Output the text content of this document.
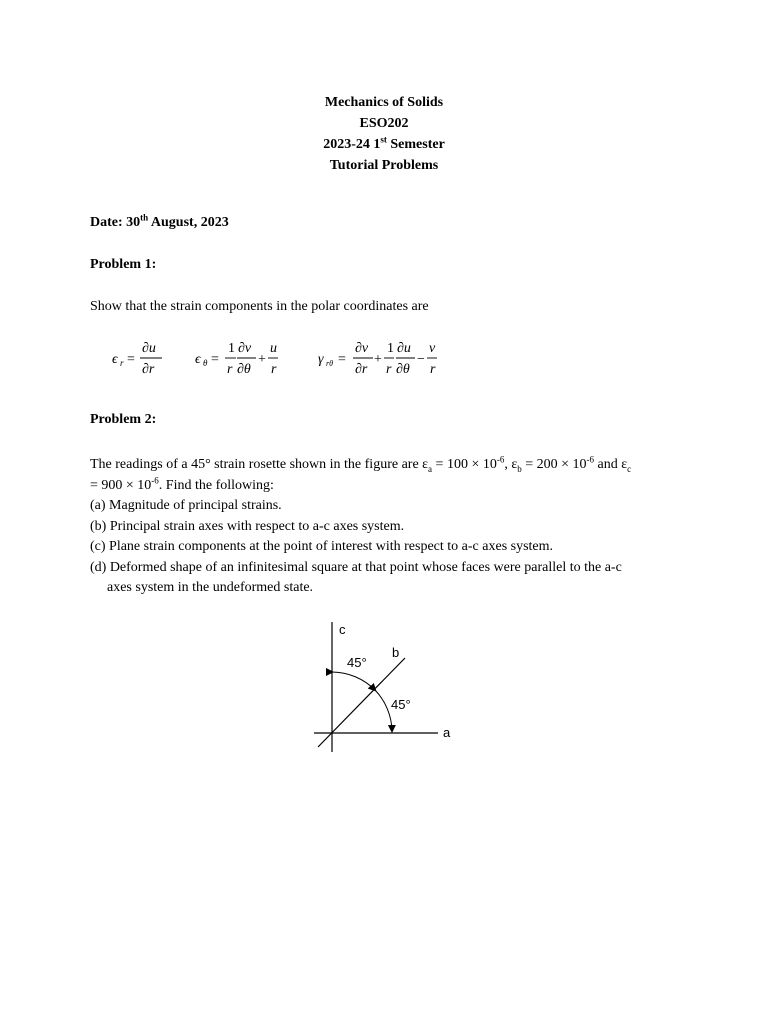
Mechanics of Solids
ESO202
2023-24 1st Semester
Tutorial Problems
Date: 30th August, 2023
Problem 1:
Show that the strain components in the polar coordinates are
ϵ r =
∂u
∂r
ϵ θ =
1
r
∂v
∂θ
+
u
r
γ rθ =
∂v
∂r
+
1
r
∂u
∂θ
−
v
r
Problem 2:
The readings of a 45° strain rosette shown in the figure are $\varepsilon_a = 100 \times 10^{-6}$, $\varepsilon_b = 200 \times 10^{-6}$ and $\varepsilon_c$
= $900 \times 10^{-6}$. Find the following:
(a) Magnitude of principal strains.
(b) Principal strain axes with respect to a-c axes system.
(c) Plane strain components at the point of interest with respect to a-c axes system.
(d) Deformed shape of an infinitesimal square at that point whose faces were parallel to the a-c
axes system in the undeformed state.
c
b
a
45°
45°
